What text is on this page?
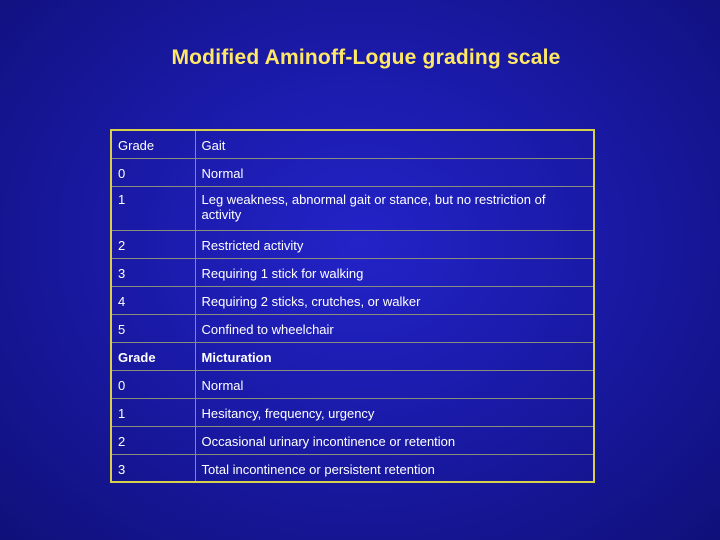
Modified Aminoff-Logue grading scale
Grade	Gait
0	Normal
1	Leg weakness, abnormal gait or stance, but no restriction of activity
2	Restricted activity
3	Requiring 1 stick for walking
4	Requiring 2 sticks, crutches, or walker
5	Confined to wheelchair
Grade	Micturation
0	Normal
1	Hesitancy, frequency, urgency
2	Occasional urinary incontinence or retention
3	Total incontinence or persistent retention
